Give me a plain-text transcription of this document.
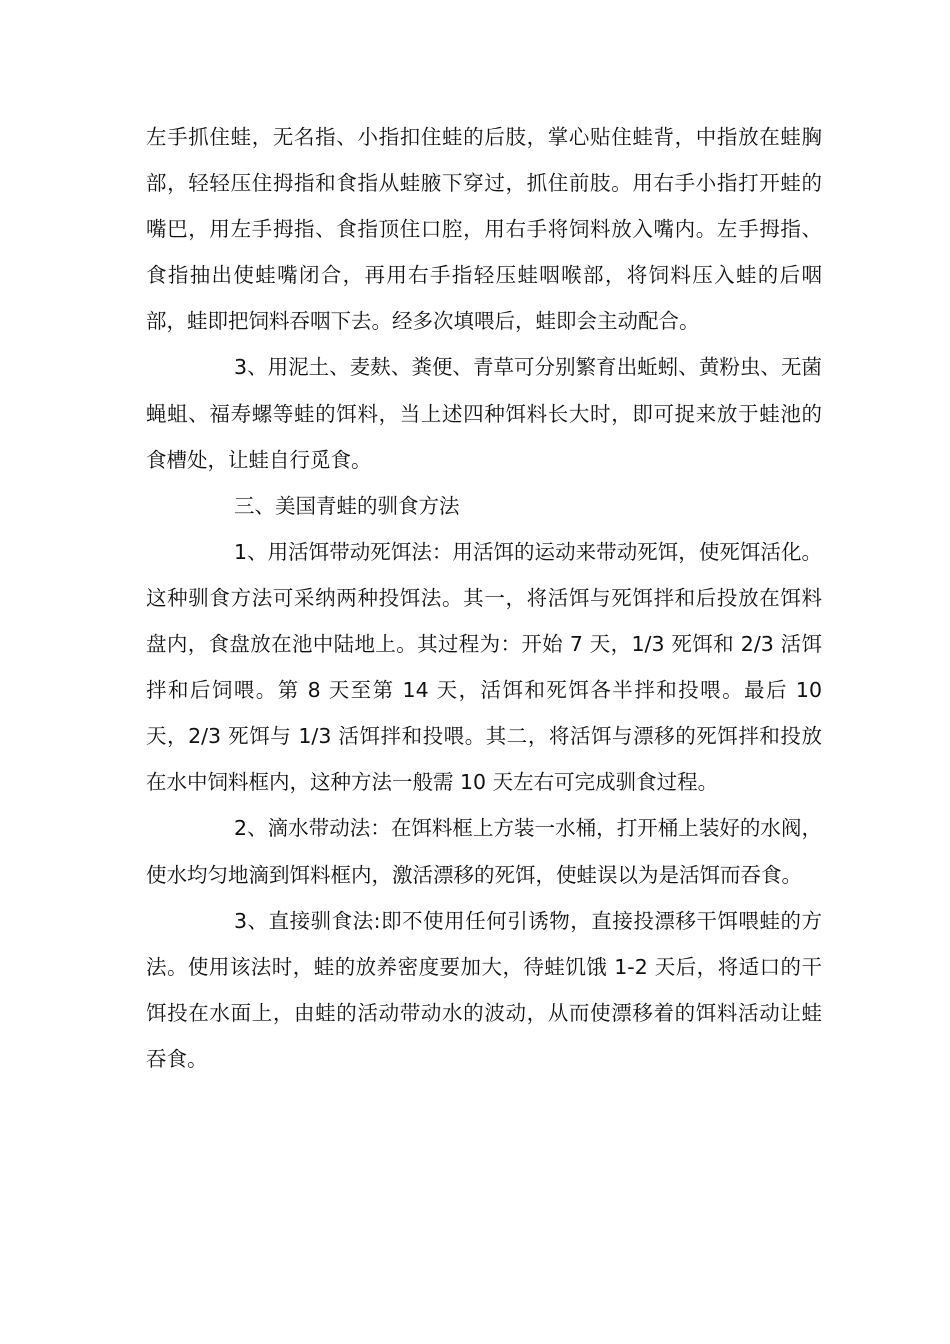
左手抓住蛙，无名指、小指扣住蛙的后肢，掌心贴住蛙背，中指放在蛙胸部，轻轻压住拇指和食指从蛙腋下穿过，抓住前肢。用右手小指打开蛙的嘴巴，用左手拇指、食指顶住口腔，用右手将饲料放入嘴内。左手拇指、食指抽出使蛙嘴闭合，再用右手指轻压蛙咽喉部，将饲料压入蛙的后咽部，蛙即把饲料吞咽下去。经多次填喂后，蛙即会主动配合。

3、用泥土、麦麸、粪便、青草可分别繁育出蚯蚓、黄粉虫、无菌蝇蛆、福寿螺等蛙的饵料，当上述四种饵料长大时，即可捉来放于蛙池的食槽处，让蛙自行觅食。

三、美国青蛙的驯食方法

1、用活饵带动死饵法：用活饵的运动来带动死饵，使死饵活化。这种驯食方法可采纳两种投饵法。其一，将活饵与死饵拌和后投放在饵料盘内，食盘放在池中陆地上。其过程为：开始 7 天，1/3 死饵和 2/3 活饵拌和后饲喂。第 8 天至第 14 天，活饵和死饵各半拌和投喂。最后 10 天，2/3 死饵与 1/3 活饵拌和投喂。其二，将活饵与漂移的死饵拌和投放在水中饲料框内，这种方法一般需 10 天左右可完成驯食过程。

2、滴水带动法：在饵料框上方装一水桶，打开桶上装好的水阀，使水均匀地滴到饵料框内，激活漂移的死饵，使蛙误以为是活饵而吞食。

3、直接驯食法:即不使用任何引诱物，直接投漂移干饵喂蛙的方法。使用该法时，蛙的放养密度要加大，待蛙饥饿 1-2 天后，将适口的干饵投在水面上，由蛙的活动带动水的波动，从而使漂移着的饵料活动让蛙吞食。
